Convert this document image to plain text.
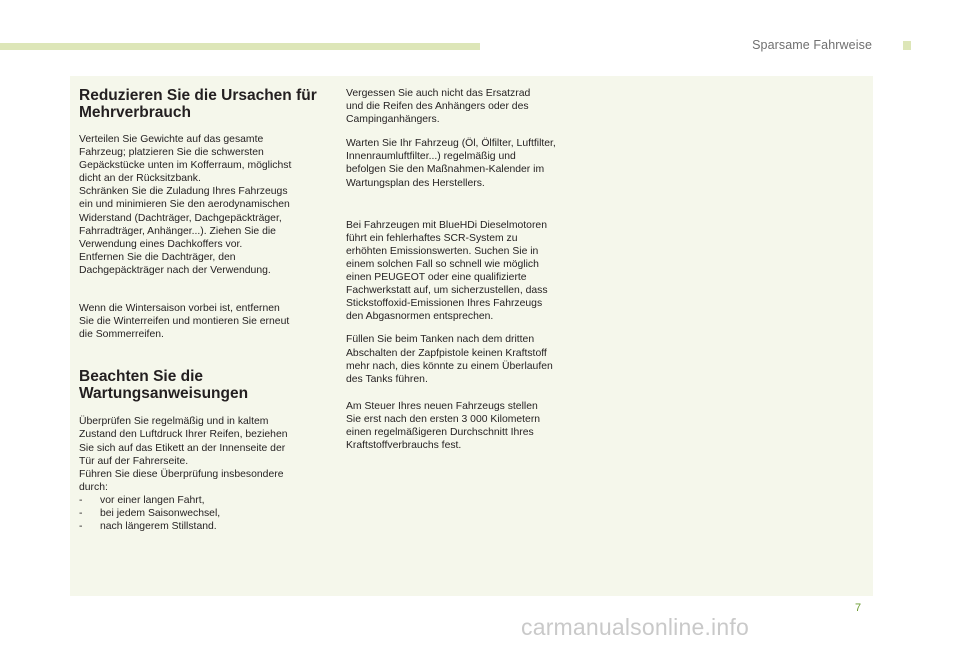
Sparsame Fahrweise
Reduzieren Sie die Ursachen für
Mehrverbrauch

Verteilen Sie Gewichte auf das gesamte
Fahrzeug; platzieren Sie die schwersten
Gepäckstücke unten im Kofferraum, möglichst
dicht an der Rücksitzbank.
Schränken Sie die Zuladung Ihres Fahrzeugs
ein und minimieren Sie den aerodynamischen
Widerstand (Dachträger, Dachgepäckträger,
Fahrradträger, Anhänger...). Ziehen Sie die
Verwendung eines Dachkoffers vor.
Entfernen Sie die Dachträger, den
Dachgepäckträger nach der Verwendung.

Wenn die Wintersaison vorbei ist, entfernen
Sie die Winterreifen und montieren Sie erneut
die Sommerreifen.

Beachten Sie die
Wartungsanweisungen

Überprüfen Sie regelmäßig und in kaltem
Zustand den Luftdruck Ihrer Reifen, beziehen
Sie sich auf das Etikett an der Innenseite der
Tür auf der Fahrerseite.
Führen Sie diese Überprüfung insbesondere
durch:

- vor einer langen Fahrt,
- bei jedem Saisonwechsel,
- nach längerem Stillstand.

Vergessen Sie auch nicht das Ersatzrad
und die Reifen des Anhängers oder des
Campinganhängers.

Warten Sie Ihr Fahrzeug (Öl, Ölfilter, Luftfilter,
Innenraumluftfilter...) regelmäßig und
befolgen Sie den Maßnahmen-Kalender im
Wartungsplan des Herstellers.

Bei Fahrzeugen mit BlueHDi Dieselmotoren
führt ein fehlerhaftes SCR-System zu
erhöhten Emissionswerten. Suchen Sie in
einem solchen Fall so schnell wie möglich
einen PEUGEOT oder eine qualifizierte
Fachwerkstatt auf, um sicherzustellen, dass
Stickstoffoxid-Emissionen Ihres Fahrzeugs
den Abgasnormen entsprechen.

Füllen Sie beim Tanken nach dem dritten
Abschalten der Zapfpistole keinen Kraftstoff
mehr nach, dies könnte zu einem Überlaufen
des Tanks führen.

Am Steuer Ihres neuen Fahrzeugs stellen
Sie erst nach den ersten 3 000 Kilometern
einen regelmäßigeren Durchschnitt Ihres
Kraftstoffverbrauchs fest.

7
carmanualsonline.info
